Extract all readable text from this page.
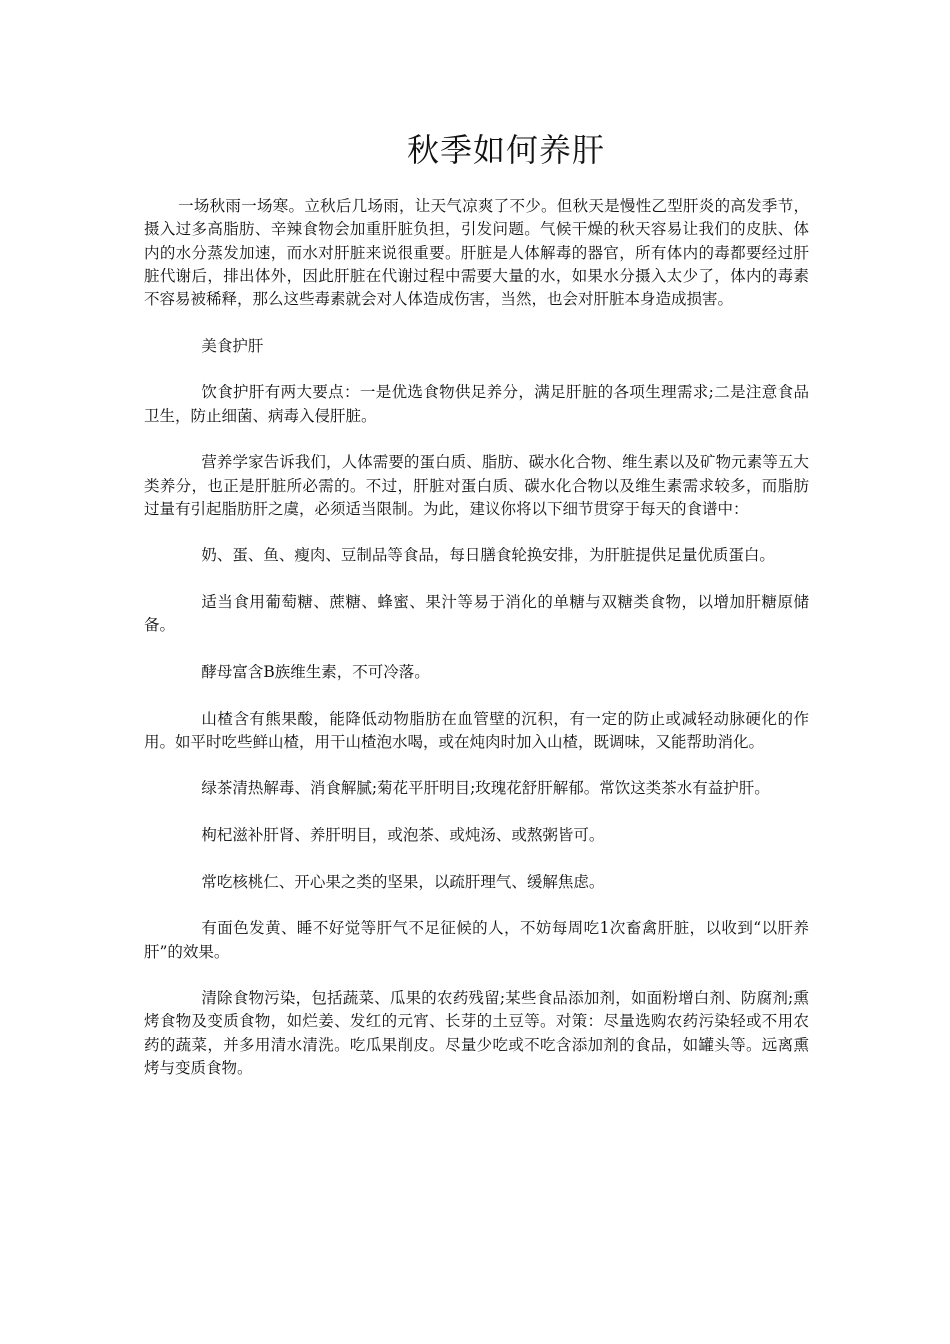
秋季如何养肝

一场秋雨一场寒。立秋后几场雨，让天气凉爽了不少。但秋天是慢性乙型肝炎的高发季节，摄入过多高脂肪、辛辣食物会加重肝脏负担，引发问题。气候干燥的秋天容易让我们的皮肤、体内的水分蒸发加速，而水对肝脏来说很重要。肝脏是人体解毒的器官，所有体内的毒都要经过肝脏代谢后，排出体外，因此肝脏在代谢过程中需要大量的水，如果水分摄入太少了，体内的毒素不容易被稀释，那么这些毒素就会对人体造成伤害，当然，也会对肝脏本身造成损害。

美食护肝

饮食护肝有两大要点：一是优选食物供足养分，满足肝脏的各项生理需求;二是注意食品卫生，防止细菌、病毒入侵肝脏。

营养学家告诉我们，人体需要的蛋白质、脂肪、碳水化合物、维生素以及矿物元素等五大类养分，也正是肝脏所必需的。不过，肝脏对蛋白质、碳水化合物以及维生素需求较多，而脂肪过量有引起脂肪肝之虞，必须适当限制。为此，建议你将以下细节贯穿于每天的食谱中：

奶、蛋、鱼、瘦肉、豆制品等食品，每日膳食轮换安排，为肝脏提供足量优质蛋白。

适当食用葡萄糖、蔗糖、蜂蜜、果汁等易于消化的单糖与双糖类食物，以增加肝糖原储备。

酵母富含B族维生素，不可冷落。

山楂含有熊果酸，能降低动物脂肪在血管壁的沉积，有一定的防止或减轻动脉硬化的作用。如平时吃些鲜山楂，用干山楂泡水喝，或在炖肉时加入山楂，既调味，又能帮助消化。

绿茶清热解毒、消食解腻;菊花平肝明目;玫瑰花舒肝解郁。常饮这类茶水有益护肝。

枸杞滋补肝肾、养肝明目，或泡茶、或炖汤、或熬粥皆可。

常吃核桃仁、开心果之类的坚果，以疏肝理气、缓解焦虑。

有面色发黄、睡不好觉等肝气不足征候的人，不妨每周吃1次畜禽肝脏，以收到“以肝养肝”的效果。

清除食物污染，包括蔬菜、瓜果的农药残留;某些食品添加剂，如面粉增白剂、防腐剂;熏烤食物及变质食物，如烂姜、发红的元宵、长芽的土豆等。对策：尽量选购农药污染轻或不用农药的蔬菜，并多用清水清洗。吃瓜果削皮。尽量少吃或不吃含添加剂的食品，如罐头等。远离熏烤与变质食物。
